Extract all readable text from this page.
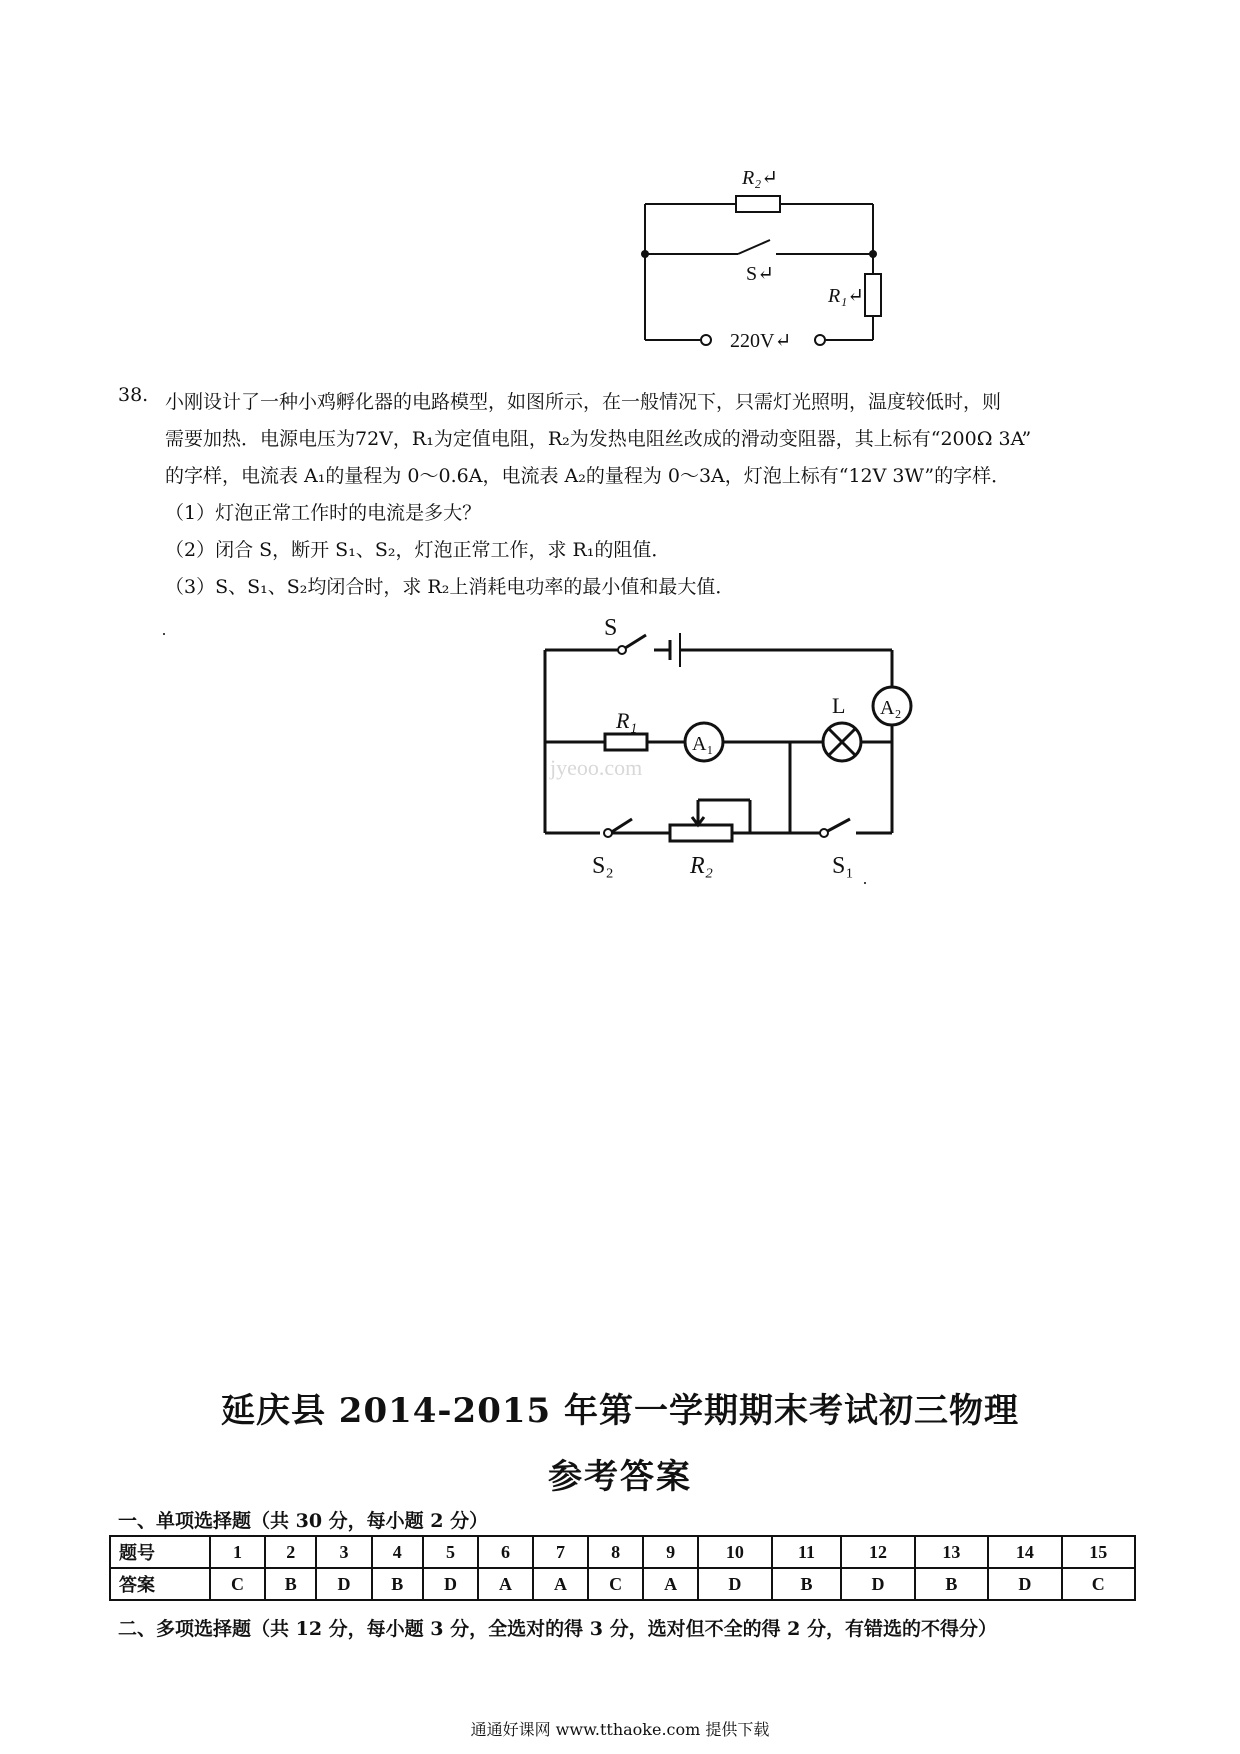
R₂↵
S↵
R₁↵
220V↵
38. 小刚设计了一种小鸡孵化器的电路模型，如图所示，在一般情况下，只需灯光照明，温度较低时，则

需要加热．电源电压为72V，R₁为定值电阻，R₂为发热电阻丝改成的滑动变阻器，其上标有“200Ω 3A”

的字样，电流表 A₁的量程为 0～0.6A，电流表 A₂的量程为 0～3A，灯泡上标有“12V 3W”的字样．

（1）灯泡正常工作时的电流是多大？

（2）闭合 S，断开 S₁、S₂，灯泡正常工作，求 R₁的阻值．

（3）S、S₁、S₂均闭合时，求 R₂上消耗电功率的最小值和最大值．

S
R₁
A₁
L A₂
S₂	R₂	S₁
jyeoo.com
延庆县 2014-2015 年第一学期期末考试初三物理
参考答案
一、单项选择题（共 30 分，每小题 2 分）
题号	1	2	3	4	5	6	7	8	9	10	11	12	13	14	15
答案	C	B	D	B	D	A	A	C	A	D	B	D	B	D	C
二、多项选择题（共 12 分，每小题 3 分，全选对的得 3 分，选对但不全的得 2 分，有错选的不得分）
通通好课网 www.tthaoke.com 提供下载
